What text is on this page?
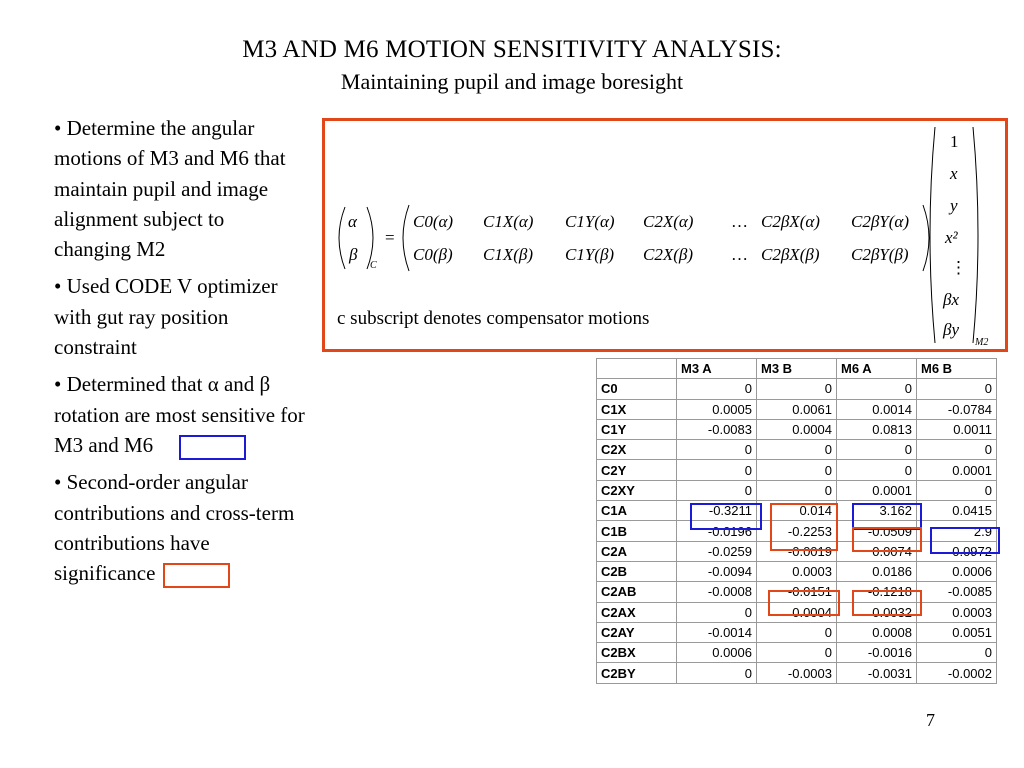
M3 AND M6 MOTION SENSITIVITY ANALYSIS:
Maintaining pupil and image boresight
• Determine the angular motions of M3 and M6 that maintain pupil and image alignment subject to changing M2
• Used CODE V optimizer with gut ray position constraint
• Determined that α and β rotation are most sensitive for M3 and M6
• Second-order angular contributions and cross-term contributions have significance
α
β
C
=
C0(α) C1X(α) C1Y(α) C2X(α) … C2βX(α) C2βY(α)
C0(β) C1X(β) C1Y(β) C2X(β) … C2βX(β) C2βY(β)
1
x
y
x²
⋮
βx
βy
M2
c subscript denotes compensator motions
	M3 A	M3 B	M6 A	M6 B
C0	0	0	0	0
C1X	0.0005	0.0061	0.0014	-0.0784
C1Y	-0.0083	0.0004	0.0813	0.0011
C2X	0	0	0	0
C2Y	0	0	0	0.0001
C2XY	0	0	0.0001	0
C1A	-0.3211	0.014	3.162	0.0415
C1B	-0.0196	-0.2253	-0.0509	2.9
C2A	-0.0259	-0.0019	0.0074	0.0972
C2B	-0.0094	0.0003	0.0186	0.0006
C2AB	-0.0008	-0.0151	-0.1218	-0.0085
C2AX	0	0.0004	0.0032	0.0003
C2AY	-0.0014	0	0.0008	0.0051
C2BX	0.0006	0	-0.0016	0
C2BY	0	-0.0003	-0.0031	-0.0002
7
